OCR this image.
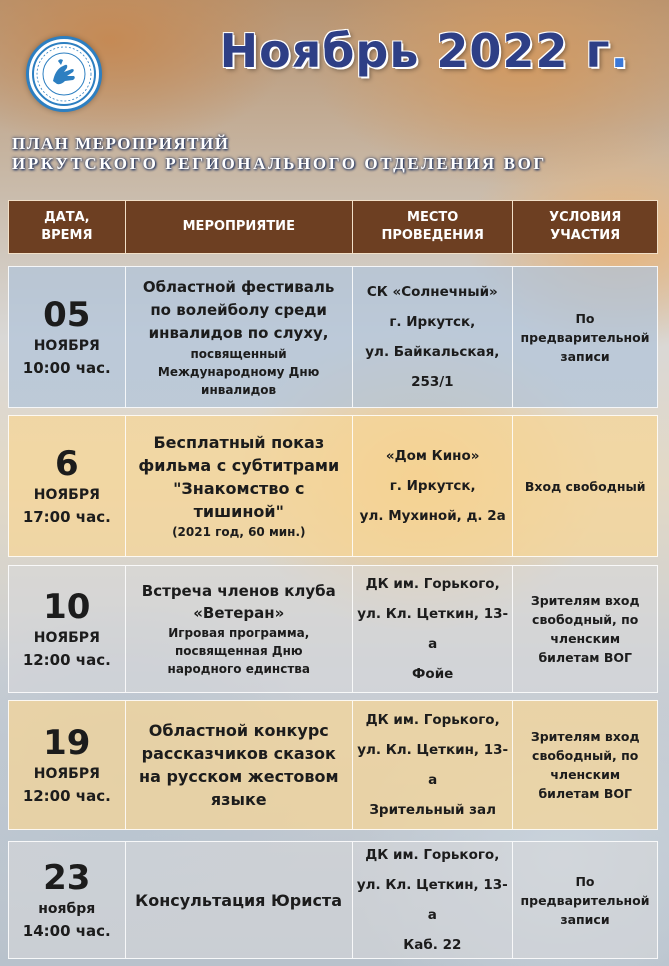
Ноябрь 2022 г.
ПЛАН МЕРОПРИЯТИЙ
ИРКУТСКОГО РЕГИОНАЛЬНОГО ОТДЕЛЕНИЯ ВОГ
ДАТА,
ВРЕМЯ
МЕРОПРИЯТИЕ
МЕСТО
ПРОВЕДЕНИЯ
УСЛОВИЯ
УЧАСТИЯ
05
НОЯБРЯ
10:00 час.
Областной фестиваль по волейболу среди инвалидов по слуху,
посвященный Международному Дню инвалидов
СК «Солнечный»
г. Иркутск,
ул. Байкальская, 253/1
По предварительной записи
6
НОЯБРЯ
17:00 час.
Бесплатный показ фильма с субтитрами "Знакомство с тишиной"
(2021 год, 60 мин.)
«Дом Кино»
г. Иркутск,
ул. Мухиной, д. 2а
Вход свободный
10
НОЯБРЯ
12:00 час.
Встреча членов клуба «Ветеран»
Игровая программа, посвященная Дню народного единства
ДК им. Горького,
ул. Кл. Цеткин, 13-а
Фойе
Зрителям вход свободный, по членским билетам ВОГ
19
НОЯБРЯ
12:00 час.
Областной конкурс рассказчиков сказок на русском жестовом языке
ДК им. Горького,
ул. Кл. Цеткин, 13-а
Зрительный зал
Зрителям вход свободный, по членским билетам ВОГ
23
ноября
14:00 час.
Консультация Юриста
ДК им. Горького,
ул. Кл. Цеткин, 13-а
Каб. 22
По предварительной записи
